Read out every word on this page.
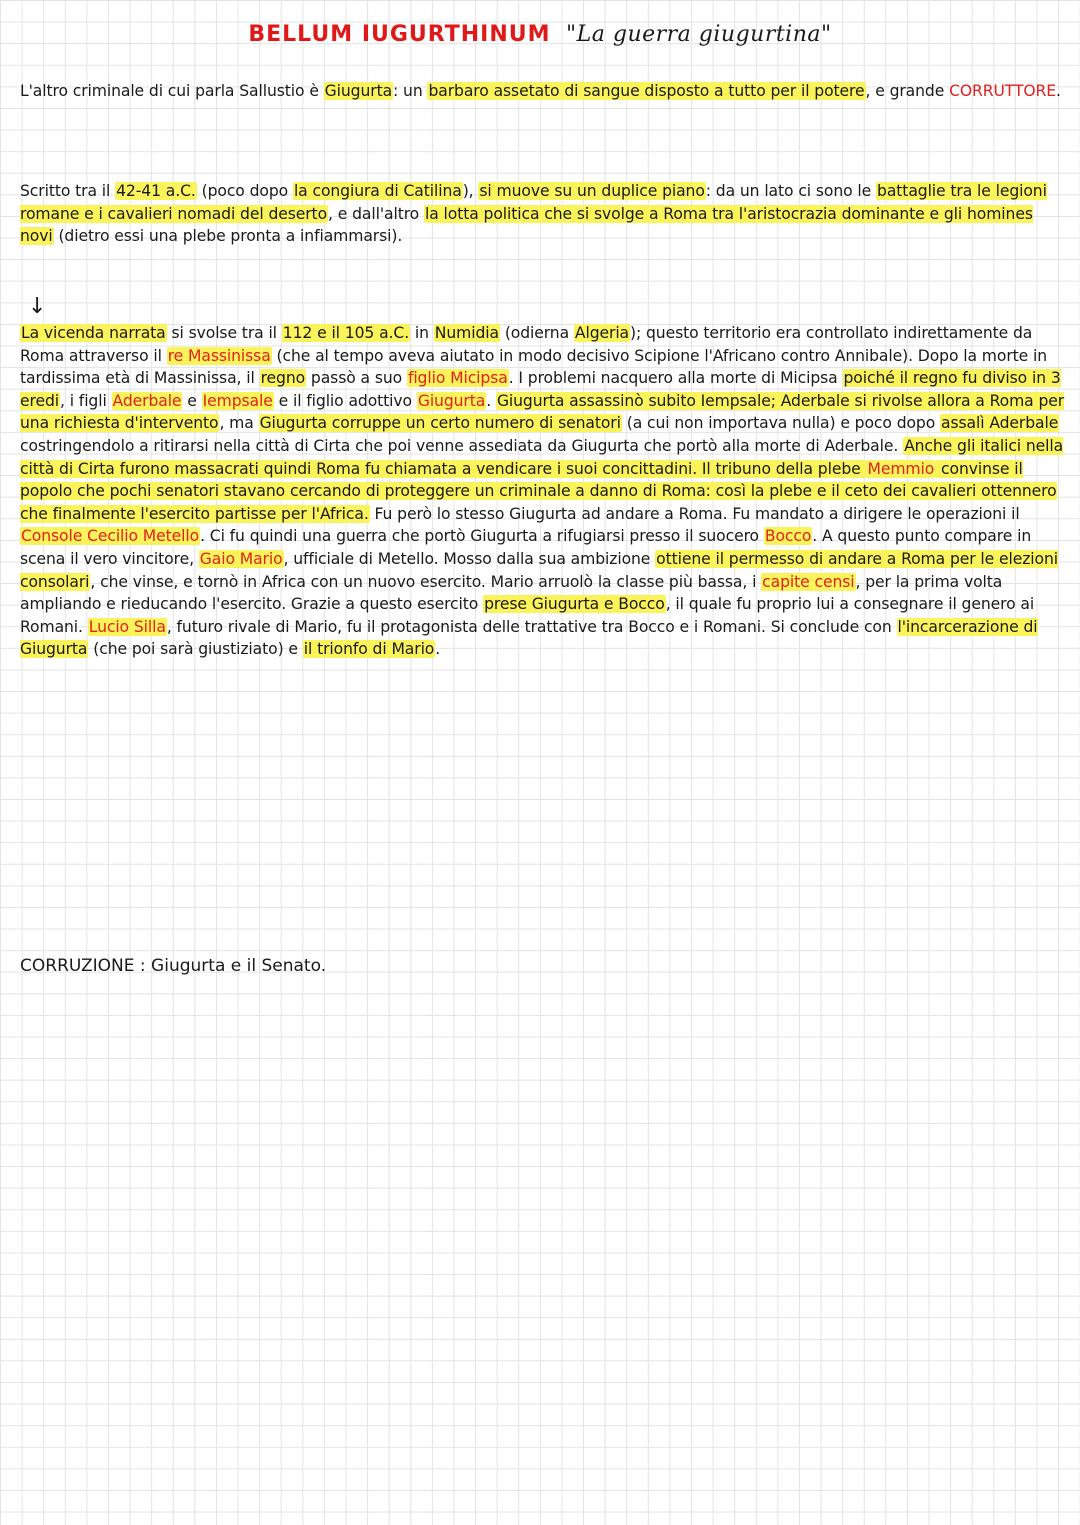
BELLUM IUGURTHINUM "La guerra giugurtina"
L'altro criminale di cui parla Sallustio è Giugurta: un barbaro assetato di sangue disposto a tutto per il potere, e grande CORRUTTORE.
Scritto tra il 42-41 a.C. (poco dopo la congiura di Catilina), si muove su un duplice piano: da un lato ci sono le battaglie tra le legioni romane e i cavalieri nomadi del deserto, e dall'altro la lotta politica che si svolge a Roma tra l'aristocrazia dominante e gli homines novi (dietro essi una plebe pronta a infiammarsi).
↓
La vicenda narrata si svolse tra il 112 e il 105 a.C. in Numidia (odierna Algeria); questo territorio era controllato indirettamente da Roma attraverso il re Massinissa (che al tempo aveva aiutato in modo decisivo Scipione l'Africano contro Annibale). Dopo la morte in tardissima età di Massinissa, il regno passò a suo figlio Micipsa. I problemi nacquero alla morte di Micipsa poiché il regno fu diviso in 3 eredi, i figli Aderbale e Iempsale e il figlio adottivo Giugurta. Giugurta assassinò subito Iempsale; Aderbale si rivolse allora a Roma per una richiesta d'intervento, ma Giugurta corruppe un certo numero di senatori (a cui non importava nulla) e poco dopo assalì Aderbale costringendolo a ritirarsi nella città di Cirta che poi venne assediata da Giugurta che portò alla morte di Aderbale. Anche gli italici nella città di Cirta furono massacrati quindi Roma fu chiamata a vendicare i suoi concittadini. Il tribuno della plebe Memmio convinse il popolo che pochi senatori stavano cercando di proteggere un criminale a danno di Roma: così la plebe e il ceto dei cavalieri ottennero che finalmente l'esercito partisse per l'Africa. Fu però lo stesso Giugurta ad andare a Roma. Fu mandato a dirigere le operazioni il Console Cecilio Metello. Ci fu quindi una guerra che portò Giugurta a rifugiarsi presso il suocero Bocco. A questo punto compare in scena il vero vincitore, Gaio Mario, ufficiale di Metello. Mosso dalla sua ambizione ottiene il permesso di andare a Roma per le elezioni consolari, che vinse, e tornò in Africa con un nuovo esercito. Mario arruolò la classe più bassa, i capite censi, per la prima volta ampliando e rieducando l'esercito. Grazie a questo esercito prese Giugurta e Bocco, il quale fu proprio lui a consegnare il genero ai Romani. Lucio Silla, futuro rivale di Mario, fu il protagonista delle trattative tra Bocco e i Romani. Si conclude con l'incarcerazione di Giugurta (che poi sarà giustiziato) e il trionfo di Mario.
CORRUZIONE : Giugurta e il Senato.
